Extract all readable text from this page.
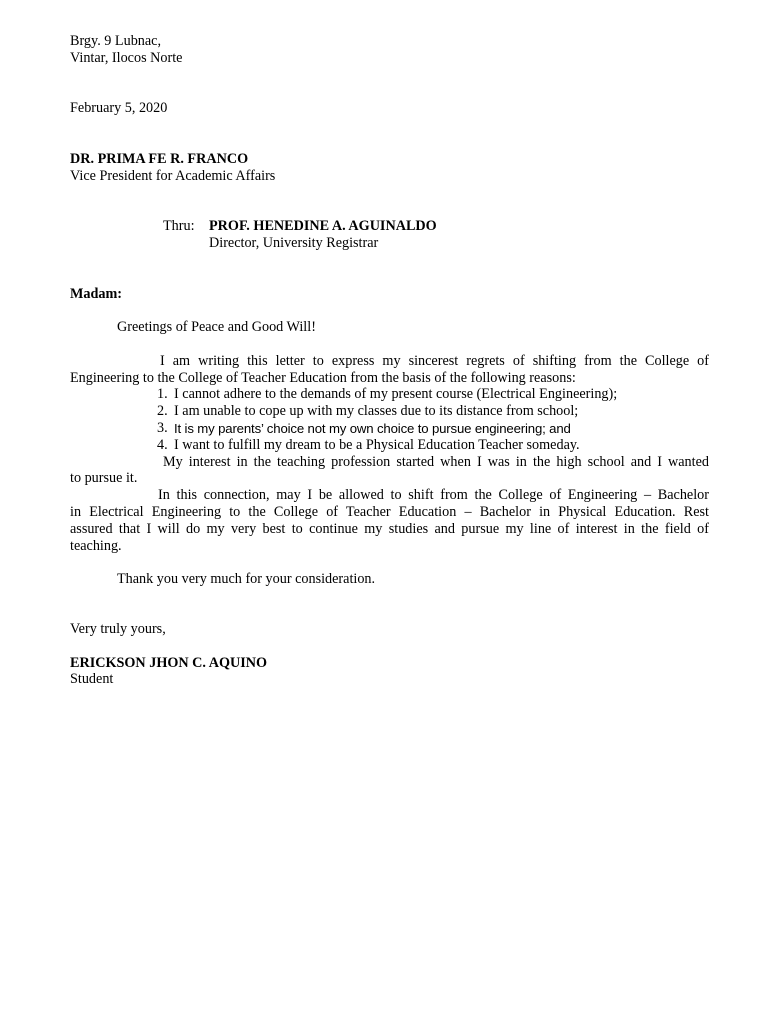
Brgy. 9 Lubnac,
Vintar, Ilocos Norte
February 5, 2020
DR. PRIMA FE R. FRANCO
Vice President for Academic Affairs
Thru: PROF. HENEDINE A. AGUINALDO
Director, University Registrar
Madam:
Greetings of Peace and Good Will!
I am writing this letter to express my sincerest regrets of shifting from the College of
Engineering to the College of Teacher Education from the basis of the following reasons:
1. I cannot adhere to the demands of my present course (Electrical Engineering);
2. I am unable to cope up with my classes due to its distance from school;
3. It is my parents’ choice not my own choice to pursue engineering; and
4. I want to fulfill my dream to be a Physical Education Teacher someday.
My interest in the teaching profession started when I was in the high school and I wanted
to pursue it.
In this connection, may I be allowed to shift from the College of Engineering – Bachelor
in Electrical Engineering to the College of Teacher Education – Bachelor in Physical Education. Rest
assured that I will do my very best to continue my studies and pursue my line of interest in the field of
teaching.
Thank you very much for your consideration.
Very truly yours,
ERICKSON JHON C. AQUINO
Student
